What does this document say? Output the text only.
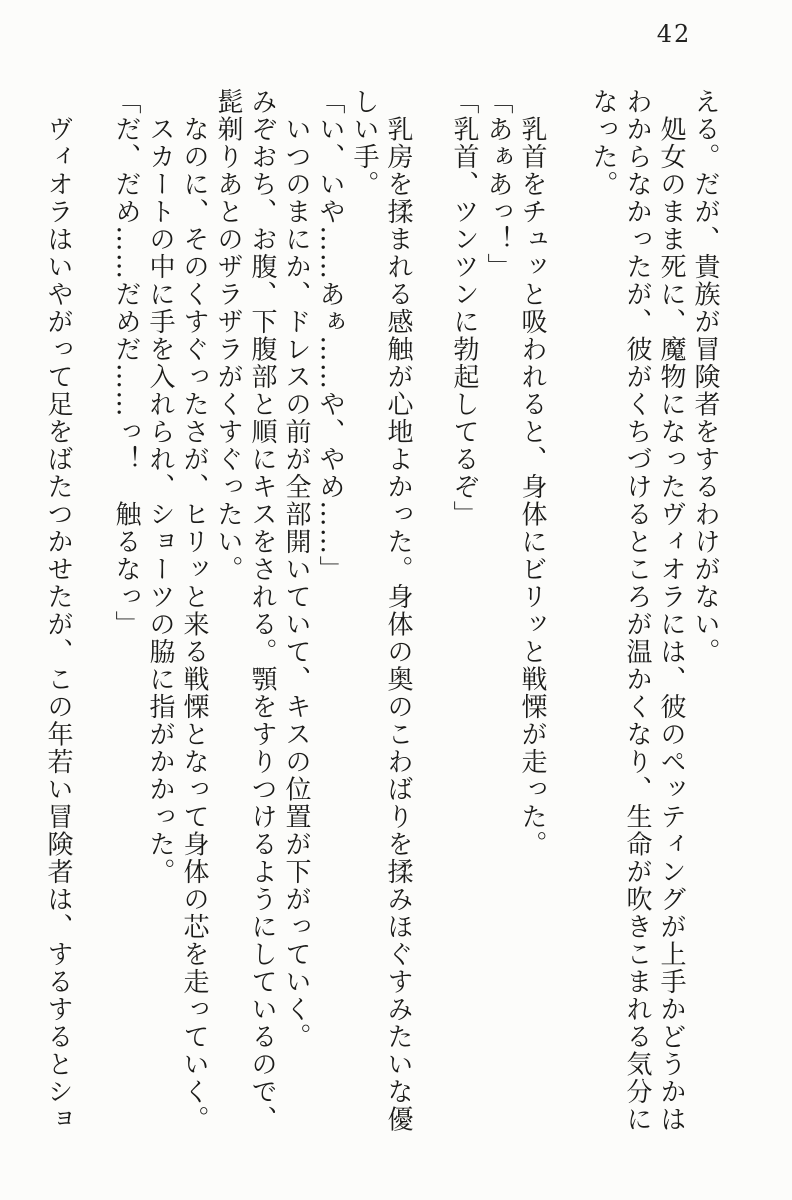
42
える。だが、貴族が冒険者をするわけがない。
　処女のまま死に、魔物になったヴィオラには、彼のペッティングが上手かどうかは
わからなかったが、彼がくちづけるところが温かくなり、生命が吹きこまれる気分に
なった。
　乳首をチュッと吸われると、身体にビリッと戦慄が走った。
「あぁあっ！」
「乳首、ツンツンに勃起してるぞ」
　乳房を揉まれる感触が心地よかった。身体の奥のこわばりを揉みほぐすみたいな優
しい手。
「い、いや……あぁ……や、やめ……」
　いつのまにか、ドレスの前が全部開いていて、キスの位置が下がっていく。
みぞおち、お腹、下腹部と順にキスをされる。顎をすりつけるようにしているので、
髭剃りあとのザラザラがくすぐったい。
　なのに、そのくすぐったさが、ヒリッと来る戦慄となって身体の芯を走っていく。
　スカートの中に手を入れられ、ショーツの脇に指がかかった。
「だ、だめ……だめだ……っ！　触るなっ」
　ヴィオラはいやがって足をばたつかせたが、この年若い冒険者は、するするとショ
